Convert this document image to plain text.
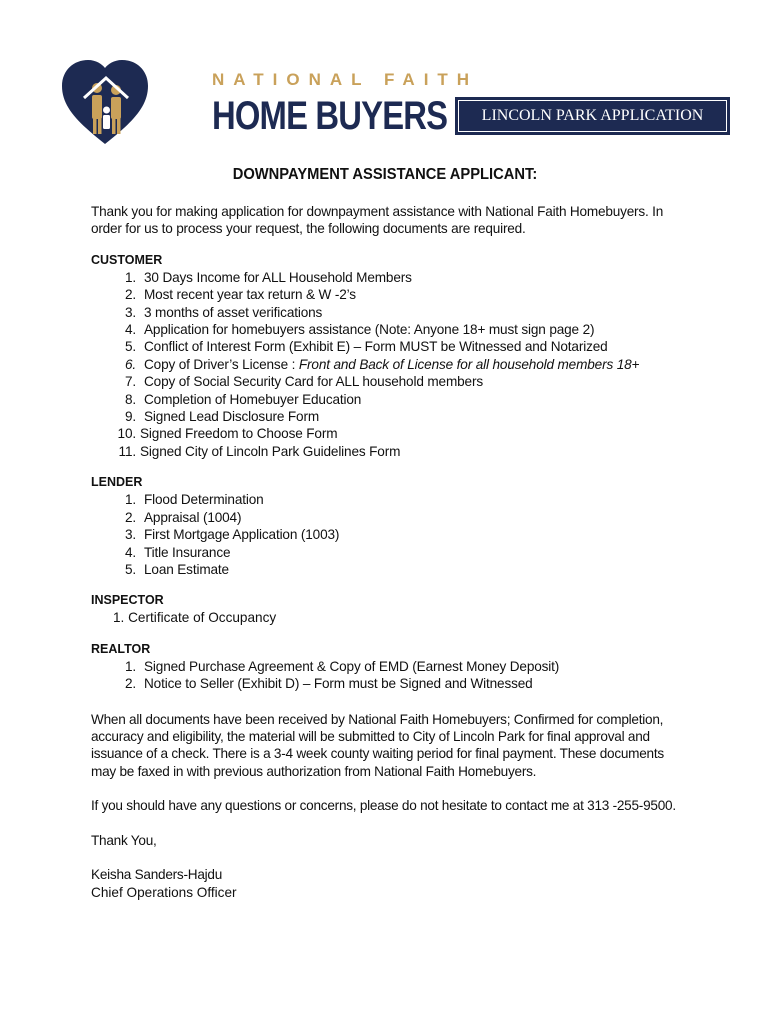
NATIONAL FAITH
HOME BUYERS	LINCOLN PARK APPLICATION
DOWNPAYMENT ASSISTANCE APPLICANT:

Thank you for making application for downpayment assistance with National Faith Homebuyers. In order for us to process your request, the following documents are required.

CUSTOMER
1 . 30 Days Income for ALL Household Members
2 . Most recent year tax return & W -2’s
3 . 3 months of asset verifications
4 . Application for homebuyers assistance (Note: Anyone 18+ must sign page 2)
5 . Conflict of Interest Form (Exhibit E) – Form MUST be Witnessed and Notarized
6 . Copy of Driver’s License : Front and Back of License for all household members 18+
7 . Copy of Social Security Card for ALL household members
8 . Completion of Homebuyer Education
9 . Signed Lead Disclosure Form
10 . Signed Freedom to Choose Form
11 . Signed City of Lincoln Park Guidelines Form
LENDER
1 . Flood Determination
2 . Appraisal (1004)
3 . First Mortgage Application (1003)
4 . Title Insurance
5 . Loan Estimate
INSPECTOR
1. Certificate of Occupancy
REALTOR
1 . Signed Purchase Agreement & Copy of EMD (Earnest Money Deposit)
2 . Notice to Seller (Exhibit D) – Form must be Signed and Witnessed

When all documents have been received by National Faith Homebuyers; Confirmed for completion, accuracy and eligibility, the material will be submitted to City of Lincoln Park for final approval and issuance of a check. There is a 3-4 week county waiting period for final payment. These documents may be faxed in with previous authorization from National Faith Homebuyers.

If you should have any questions or concerns, please do not hesitate to contact me at 313 -255-9500.

Thank You,

Keisha Sanders-Hajdu

Chief Operations Officer
